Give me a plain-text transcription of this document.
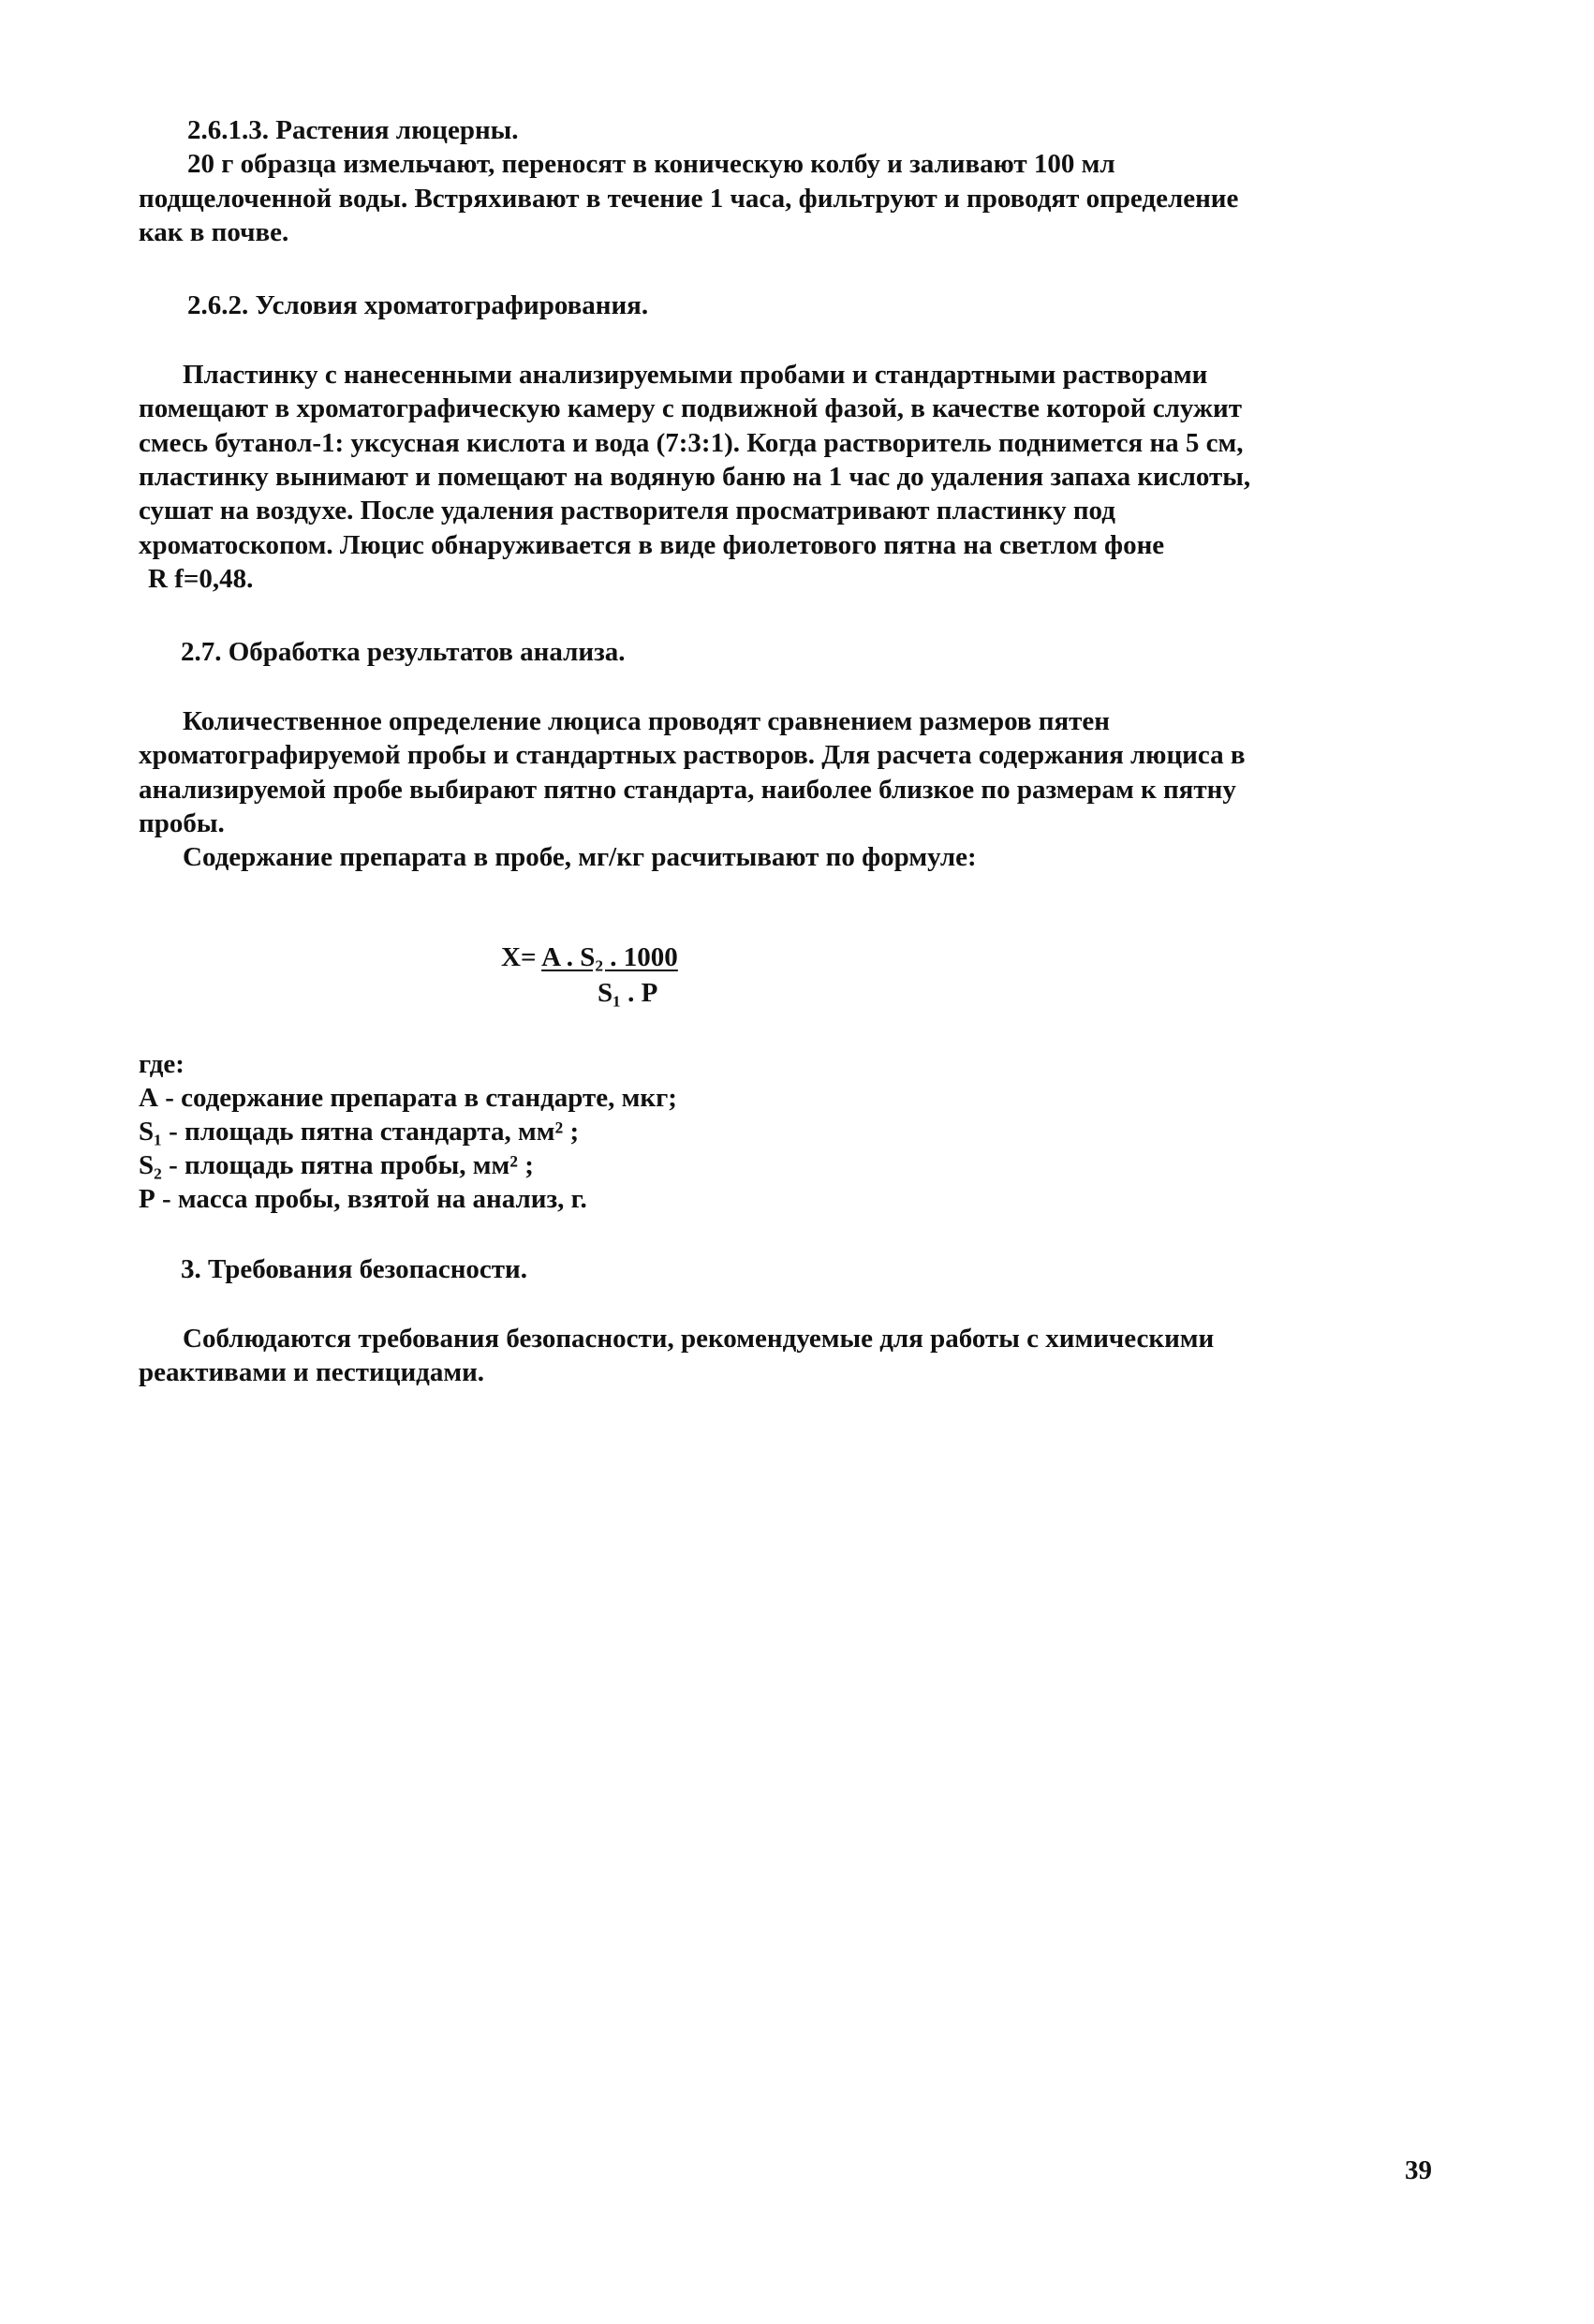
2.6.1.3. Растения люцерны.
20 г образца измельчают, переносят в коническую колбу и заливают 100 мл
подщелоченной воды. Встряхивают в течение 1 часа, фильтруют и проводят определение
как в почве.
2.6.2. Условия хроматографирования.
Пластинку с нанесенными анализируемыми пробами и стандартными растворами
помещают в хроматографическую камеру с подвижной фазой, в качестве которой служит
смесь бутанол-1: уксусная кислота и вода (7:3:1). Когда растворитель поднимется на 5 см,
пластинку вынимают и помещают на водяную баню на 1 час до удаления запаха кислоты,
сушат на воздухе. После удаления растворителя просматривают пластинку под
хроматоскопом. Люцис обнаруживается в виде фиолетового пятна на светлом фоне
R f=0,48.
2.7. Обработка результатов анализа.
Количественное определение люциса проводят сравнением размеров пятен
хроматографируемой пробы и стандартных растворов. Для расчета содержания люциса в
анализируемой пробе выбирают пятно стандарта, наиболее близкое по размерам к пятну
пробы.
Содержание препарата в пробе, мг/кг расчитывают по формуле:
X= A . S₂ . 1000
S₁ . P
где:
А - содержание препарата в стандарте, мкг;
S₁ - площадь пятна стандарта, мм² ;
S₂ - площадь пятна пробы, мм² ;
Р - масса пробы, взятой на анализ, г.
3. Требования безопасности.
Соблюдаются требования безопасности, рекомендуемые для работы с химическими
реактивами и пестицидами.
39
